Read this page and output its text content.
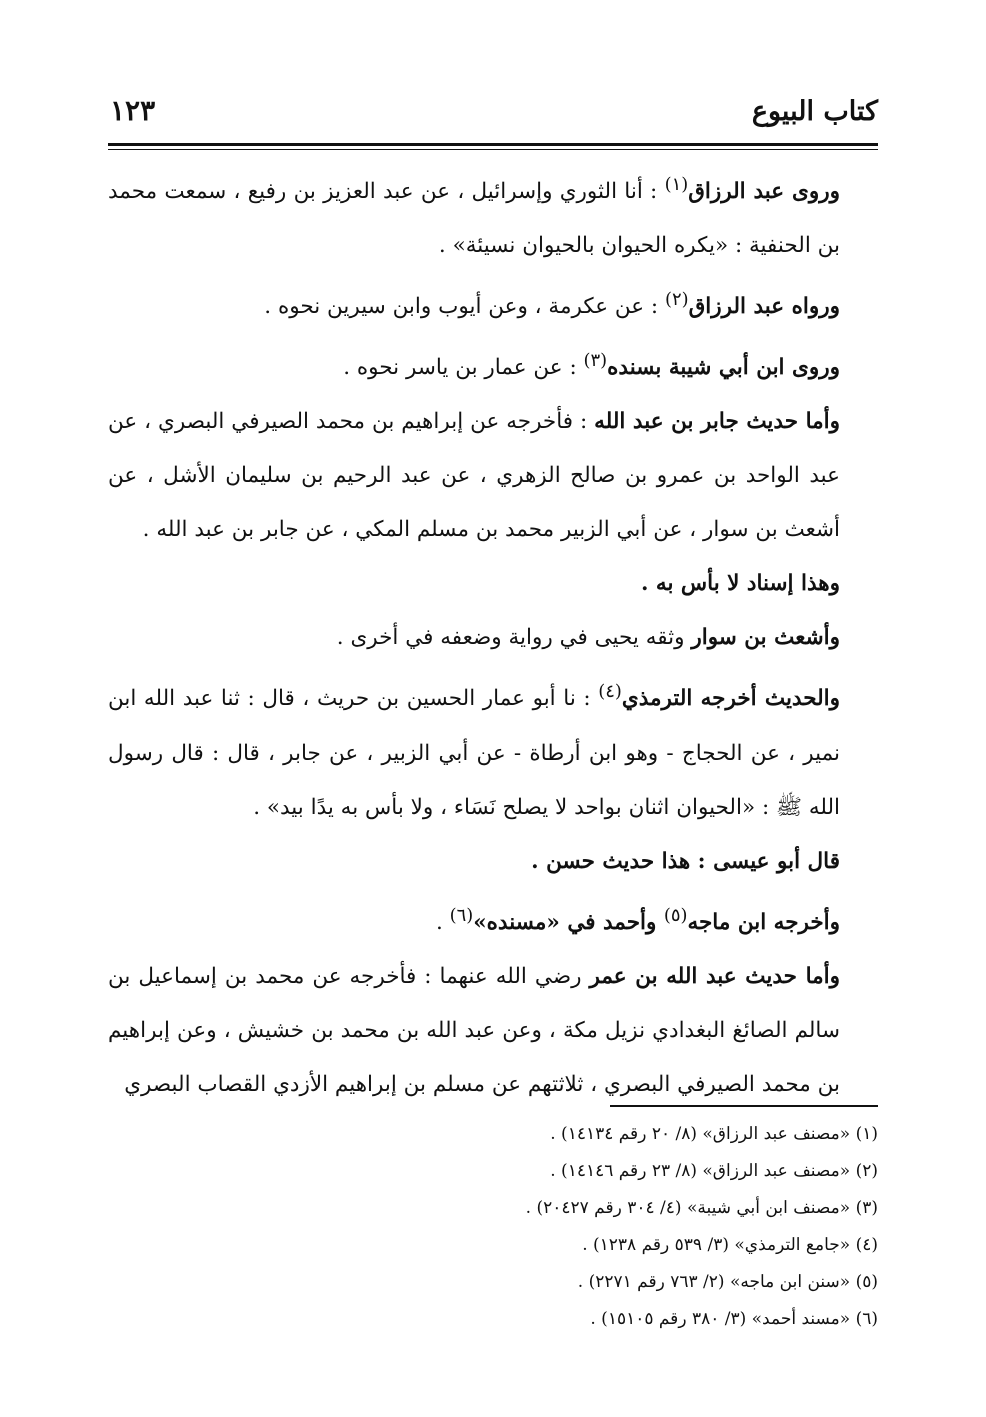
كتاب البيوع
١٢٣

وروى عبد الرزاق$^{(١)}$ : أنا الثوري وإسرائيل ، عن عبد العزيز بن رفيع ، سمعت محمد بن الحنفية : «يكره الحيوان بالحيوان نسيئة» .

ورواه عبد الرزاق$^{(٢)}$ : عن عكرمة ، وعن أيوب وابن سيرين نحوه .

وروى ابن أبي شيبة بسنده$^{(٣)}$ : عن عمار بن ياسر نحوه .

وأما حديث جابر بن عبد الله : فأخرجه عن إبراهيم بن محمد الصيرفي البصري ، عن عبد الواحد بن عمرو بن صالح الزهري ، عن عبد الرحيم بن سليمان الأشل ، عن أشعث بن سوار ، عن أبي الزبير محمد بن مسلم المكي ، عن جابر بن عبد الله .

وهذا إسناد لا بأس به .

وأشعث بن سوار وثقه يحيى في رواية وضعفه في أخرى .

والحديث أخرجه الترمذي$^{(٤)}$ : نا أبو عمار الحسين بن حريث ، قال : ثنا عبد الله ابن نمير ، عن الحجاج - وهو ابن أرطاة - عن أبي الزبير ، عن جابر ، قال : قال رسول الله ﷺ : «الحيوان اثنان بواحد لا يصلح نَسَاء ، ولا بأس به يدًا بيد» .

قال أبو عيسى : هذا حديث حسن .

وأخرجه ابن ماجه$^{(٥)}$ وأحمد في «مسنده»$^{(٦)}$ .

وأما حديث عبد الله بن عمر رضي الله عنهما : فأخرجه عن محمد بن إسماعيل بن سالم الصائغ البغدادي نزيل مكة ، وعن عبد الله بن محمد بن خشيش ، وعن إبراهيم بن محمد الصيرفي البصري ، ثلاثتهم عن مسلم بن إبراهيم الأزدي القصاب البصري

(١) «مصنف عبد الرزاق» (٨/ ٢٠ رقم ١٤١٣٤) .
(٢) «مصنف عبد الرزاق» (٨/ ٢٣ رقم ١٤١٤٦) .
(٣) «مصنف ابن أبي شيبة» (٤/ ٣٠٤ رقم ٢٠٤٢٧) .
(٤) «جامع الترمذي» (٣/ ٥٣٩ رقم ١٢٣٨) .
(٥) «سنن ابن ماجه» (٢/ ٧٦٣ رقم ٢٢٧١) .
(٦) «مسند أحمد» (٣/ ٣٨٠ رقم ١٥١٠٥) .
